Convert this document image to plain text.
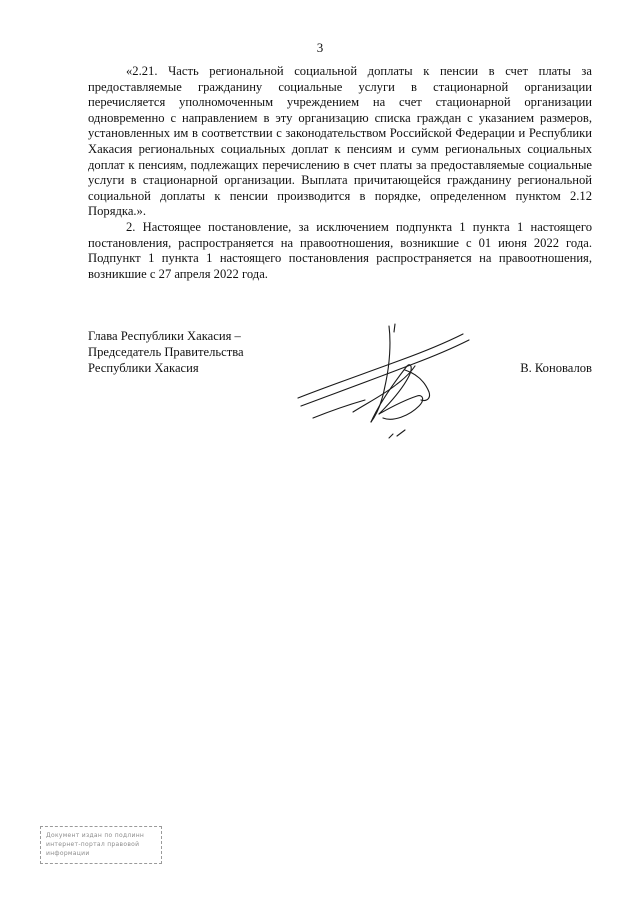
3

«2.21. Часть региональной социальной доплаты к пенсии в счет платы за предоставляемые гражданину социальные услуги в стационарной организации перечисляется уполномоченным учреждением на счет стационарной организации одновременно с направлением в эту организацию списка граждан с указанием размеров, установленных им в соответствии с законодательством Российской Федерации и Республики Хакасия региональных социальных доплат к пенсиям и сумм региональных социальных доплат к пенсиям, подлежащих перечислению в счет платы за предоставляемые социальные услуги в стационарной организации. Выплата причитающейся гражданину региональной социальной доплаты к пенсии производится в порядке, определенном пунктом 2.12 Порядка.».

2. Настоящее постановление, за исключением подпункта 1 пункта 1 настоящего постановления, распространяется на правоотношения, возникшие с 01 июня 2022 года. Подпункт 1 пункта 1 настоящего постановления распространяется на правоотношения, возникшие с 27 апреля 2022 года.

Глава Республики Хакасия –
Председатель Правительства
Республики Хакасия	В. Коновалов
Документ издан по подлинн
интернет-портал правовой
информации
